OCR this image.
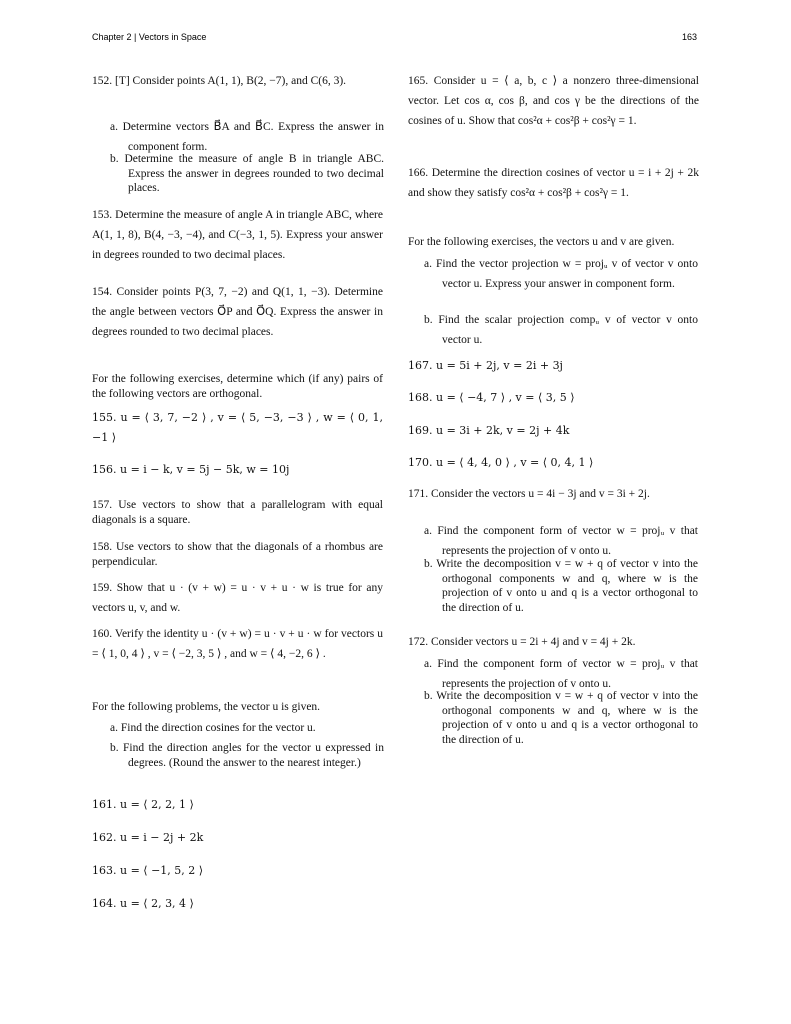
Chapter 2 | Vectors in Space	163
152. [T] Consider points A(1, 1), B(2, −7), and C(6, 3).
a. Determine vectors B⃗A and B⃗C. Express the answer in component form.
b. Determine the measure of angle B in triangle ABC. Express the answer in degrees rounded to two decimal places.
153. Determine the measure of angle A in triangle ABC, where A(1, 1, 8), B(4, −3, −4), and C(−3, 1, 5). Express your answer in degrees rounded to two decimal places.
154. Consider points P(3, 7, −2) and Q(1, 1, −3). Determine the angle between vectors O⃗P and O⃗Q. Express the answer in degrees rounded to two decimal places.
For the following exercises, determine which (if any) pairs of the following vectors are orthogonal.
155. u = ⟨ 3, 7, −2 ⟩ , v = ⟨ 5, −3, −3 ⟩ , w = ⟨ 0, 1, −1 ⟩
156. u = i − k, v = 5j − 5k, w = 10j
157. Use vectors to show that a parallelogram with equal diagonals is a square.
158. Use vectors to show that the diagonals of a rhombus are perpendicular.
159. Show that u · (v + w) = u · v + u · w is true for any vectors u, v, and w.
160. Verify the identity u · (v + w) = u · v + u · w for vectors u = ⟨ 1, 0, 4 ⟩ , v = ⟨ −2, 3, 5 ⟩ , and w = ⟨ 4, −2, 6 ⟩ .
For the following problems, the vector u is given.
a. Find the direction cosines for the vector u.
b. Find the direction angles for the vector u expressed in degrees. (Round the answer to the nearest integer.)
161. u = ⟨ 2, 2, 1 ⟩
162. u = i − 2j + 2k
163. u = ⟨ −1, 5, 2 ⟩
164. u = ⟨ 2, 3, 4 ⟩
165. Consider u = ⟨ a, b, c ⟩ a nonzero three-dimensional vector. Let cos α, cos β, and cos γ be the directions of the cosines of u. Show that cos²α + cos²β + cos²γ = 1.
166. Determine the direction cosines of vector u = i + 2j + 2k and show they satisfy cos²α + cos²β + cos²γ = 1.
For the following exercises, the vectors u and v are given.
a. Find the vector projection w = projᵤ v of vector v onto vector u. Express your answer in component form.
b. Find the scalar projection compᵤ v of vector v onto vector u.
167. u = 5i + 2j, v = 2i + 3j
168. u = ⟨ −4, 7 ⟩ , v = ⟨ 3, 5 ⟩
169. u = 3i + 2k, v = 2j + 4k
170. u = ⟨ 4, 4, 0 ⟩ , v = ⟨ 0, 4, 1 ⟩
171. Consider the vectors u = 4i − 3j and v = 3i + 2j.
a. Find the component form of vector w = projᵤ v that represents the projection of v onto u.
b. Write the decomposition v = w + q of vector v into the orthogonal components w and q, where w is the projection of v onto u and q is a vector orthogonal to the direction of u.
172. Consider vectors u = 2i + 4j and v = 4j + 2k.
a. Find the component form of vector w = projᵤ v that represents the projection of v onto u.
b. Write the decomposition v = w + q of vector v into the orthogonal components w and q, where w is the projection of v onto u and q is a vector orthogonal to the direction of u.
